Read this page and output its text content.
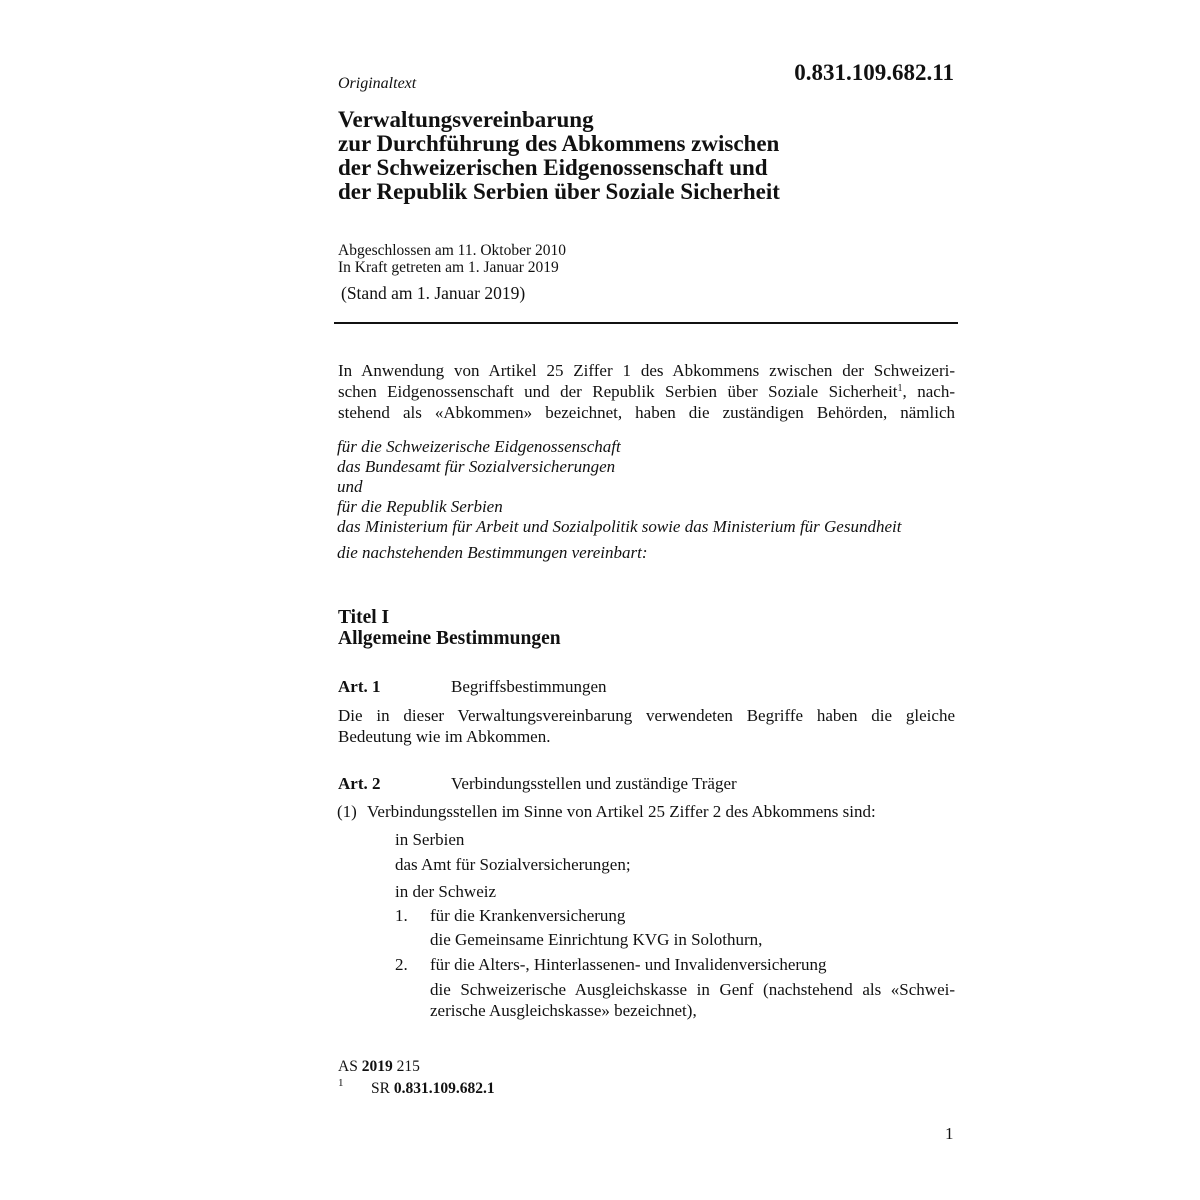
Originaltext	0.831.109.682.11
Verwaltungsvereinbarung
zur Durchführung des Abkommens zwischen
der Schweizerischen Eidgenossenschaft und
der Republik Serbien über Soziale Sicherheit
Abgeschlossen am 11. Oktober 2010
In Kraft getreten am 1. Januar 2019
(Stand am 1. Januar 2019)
In Anwendung von Artikel 25 Ziffer 1 des Abkommens zwischen der Schweizeri-
schen Eidgenossenschaft und der Republik Serbien über Soziale Sicherheit$^1$, nach-
stehend als «Abkommen» bezeichnet, haben die zuständigen Behörden, nämlich
für die Schweizerische Eidgenossenschaft
das Bundesamt für Sozialversicherungen
und
für die Republik Serbien
das Ministerium für Arbeit und Sozialpolitik sowie das Ministerium für Gesundheit
die nachstehenden Bestimmungen vereinbart:
Titel I
Allgemeine Bestimmungen
Art. 1	Begriffsbestimmungen
Die in dieser Verwaltungsvereinbarung verwendeten Begriffe haben die gleiche
Bedeutung wie im Abkommen.
Art. 2	Verbindungsstellen und zuständige Träger
(1) Verbindungsstellen im Sinne von Artikel 25 Ziffer 2 des Abkommens sind:
in Serbien
das Amt für Sozialversicherungen;
in der Schweiz
1. für die Krankenversicherung
die Gemeinsame Einrichtung KVG in Solothurn,
2. für die Alters-, Hinterlassenen- und Invalidenversicherung
die Schweizerische Ausgleichskasse in Genf (nachstehend als «Schwei-
zerische Ausgleichskasse» bezeichnet),
AS 2019 215
1 SR 0.831.109.682.1
1
